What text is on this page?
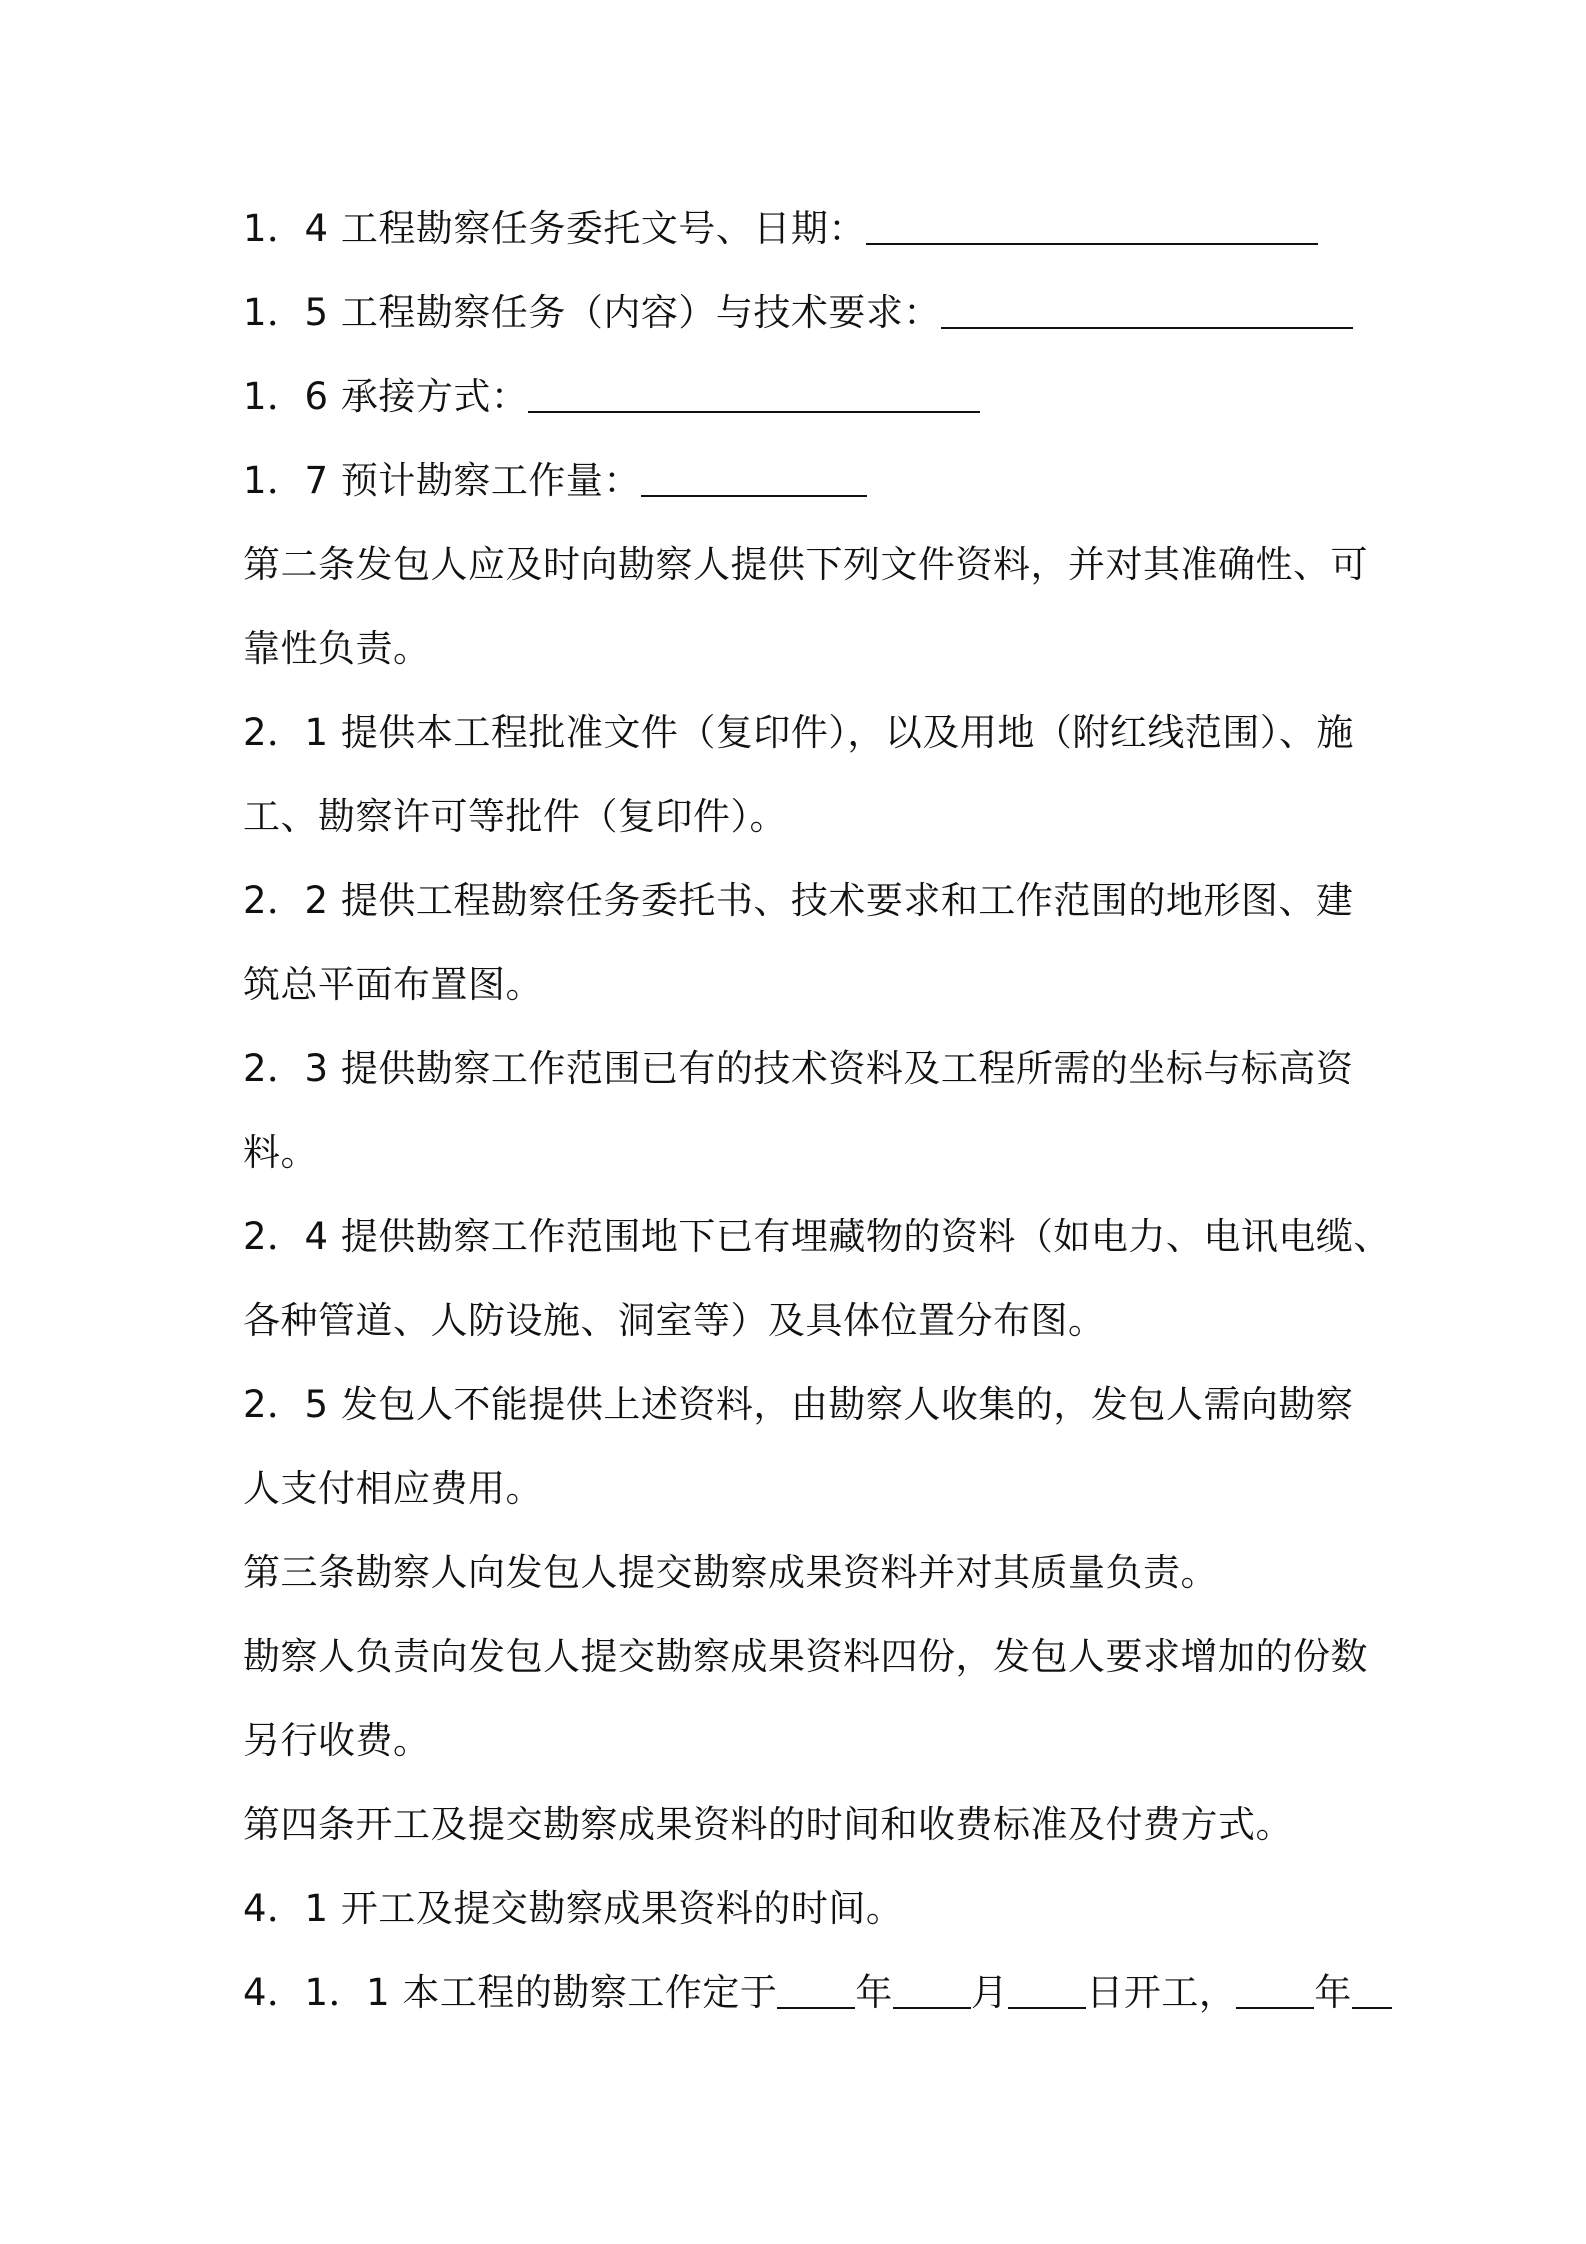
1．4 工程勘察任务委托文号、日期：
1．5 工程勘察任务（内容）与技术要求：
1．6 承接方式：
1．7 预计勘察工作量：
第二条发包人应及时向勘察人提供下列文件资料，并对其准确性、可
靠性负责。
2．1 提供本工程批准文件（复印件），以及用地（附红线范围）、施
工、勘察许可等批件（复印件）。
2．2 提供工程勘察任务委托书、技术要求和工作范围的地形图、建
筑总平面布置图。
2．3 提供勘察工作范围已有的技术资料及工程所需的坐标与标高资
料。
2．4 提供勘察工作范围地下已有埋藏物的资料（如电力、电讯电缆、
各种管道、人防设施、洞室等）及具体位置分布图。
2．5 发包人不能提供上述资料，由勘察人收集的，发包人需向勘察
人支付相应费用。
第三条勘察人向发包人提交勘察成果资料并对其质量负责。
勘察人负责向发包人提交勘察成果资料四份，发包人要求增加的份数
另行收费。
第四条开工及提交勘察成果资料的时间和收费标准及付费方式。
4．1 开工及提交勘察成果资料的时间。
4．1．1 本工程的勘察工作定于 年 月 日开工， 年
